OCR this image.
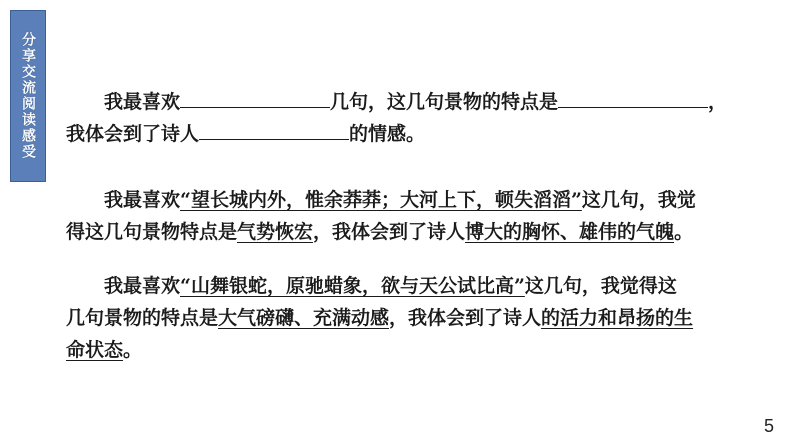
分享交流阅读感受	我最喜欢	几句，这几句景物的特点是	，

我体会到了诗人	的情感。

我最喜欢“望长城内外，惟余莽莽；大河上下，顿失滔滔”这几句，我觉

得这几句景物特点是气势恢宏，我体会到了诗人博大的胸怀、雄伟的气魄。

我最喜欢“山舞银蛇，原驰蜡象，欲与天公试比高”这几句，我觉得这

几句景物的特点是大气磅礴、充满动感，我体会到了诗人的活力和昂扬的生

命状态。

5
